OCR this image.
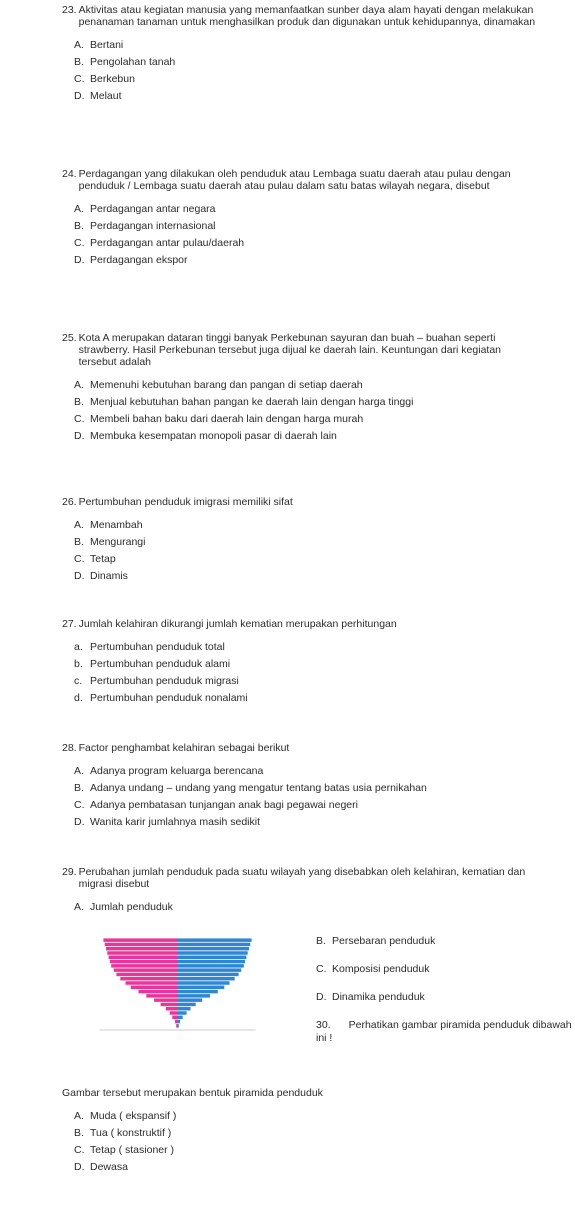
23. Aktivitas atau kegiatan manusia yang memanfaatkan sunber daya alam hayati dengan melakukan penanaman tanaman untuk menghasilkan produk dan digunakan untuk kehidupannya, dinamakan
A. Bertani
B. Pengolahan tanah
C. Berkebun
D. Melaut
24. Perdagangan yang dilakukan oleh penduduk atau Lembaga suatu daerah atau pulau dengan penduduk / Lembaga suatu daerah atau pulau dalam satu batas wilayah negara, disebut
A. Perdagangan antar negara
B. Perdagangan internasional
C. Perdagangan antar pulau/daerah
D. Perdagangan ekspor
25. Kota A merupakan dataran tinggi banyak Perkebunan sayuran dan buah – buahan seperti strawberry. Hasil Perkebunan tersebut juga dijual ke daerah lain. Keuntungan dari kegiatan tersebut adalah
A. Memenuhi kebutuhan barang dan pangan di setiap daerah
B. Menjual kebutuhan bahan pangan ke daerah lain dengan harga tinggi
C. Membeli bahan baku dari daerah lain dengan harga murah
D. Membuka kesempatan monopoli pasar di daerah lain
26. Pertumbuhan penduduk imigrasi memiliki sifat
A. Menambah
B. Mengurangi
C. Tetap
D. Dinamis
27. Jumlah kelahiran dikurangi jumlah kematian merupakan perhitungan
a. Pertumbuhan penduduk total
b. Pertumbuhan penduduk alami
c. Pertumbuhan penduduk migrasi
d. Pertumbuhan penduduk nonalami
28. Factor penghambat kelahiran sebagai berikut
A. Adanya program keluarga berencana
B. Adanya undang – undang yang mengatur tentang batas usia pernikahan
C. Adanya pembatasan tunjangan anak bagi pegawai negeri
D. Wanita karir jumlahnya masih sedikit
29. Perubahan jumlah penduduk pada suatu wilayah yang disebabkan oleh kelahiran, kematian dan migrasi disebut
A. Jumlah penduduk
B. Persebaran penduduk
C. Komposisi penduduk
D. Dinamika penduduk
30. Perhatikan gambar piramida penduduk dibawah ini !
Gambar tersebut merupakan bentuk piramida penduduk
A. Muda ( ekspansif )
B. Tua ( konstruktif )
C. Tetap ( stasioner )
D. Dewasa
